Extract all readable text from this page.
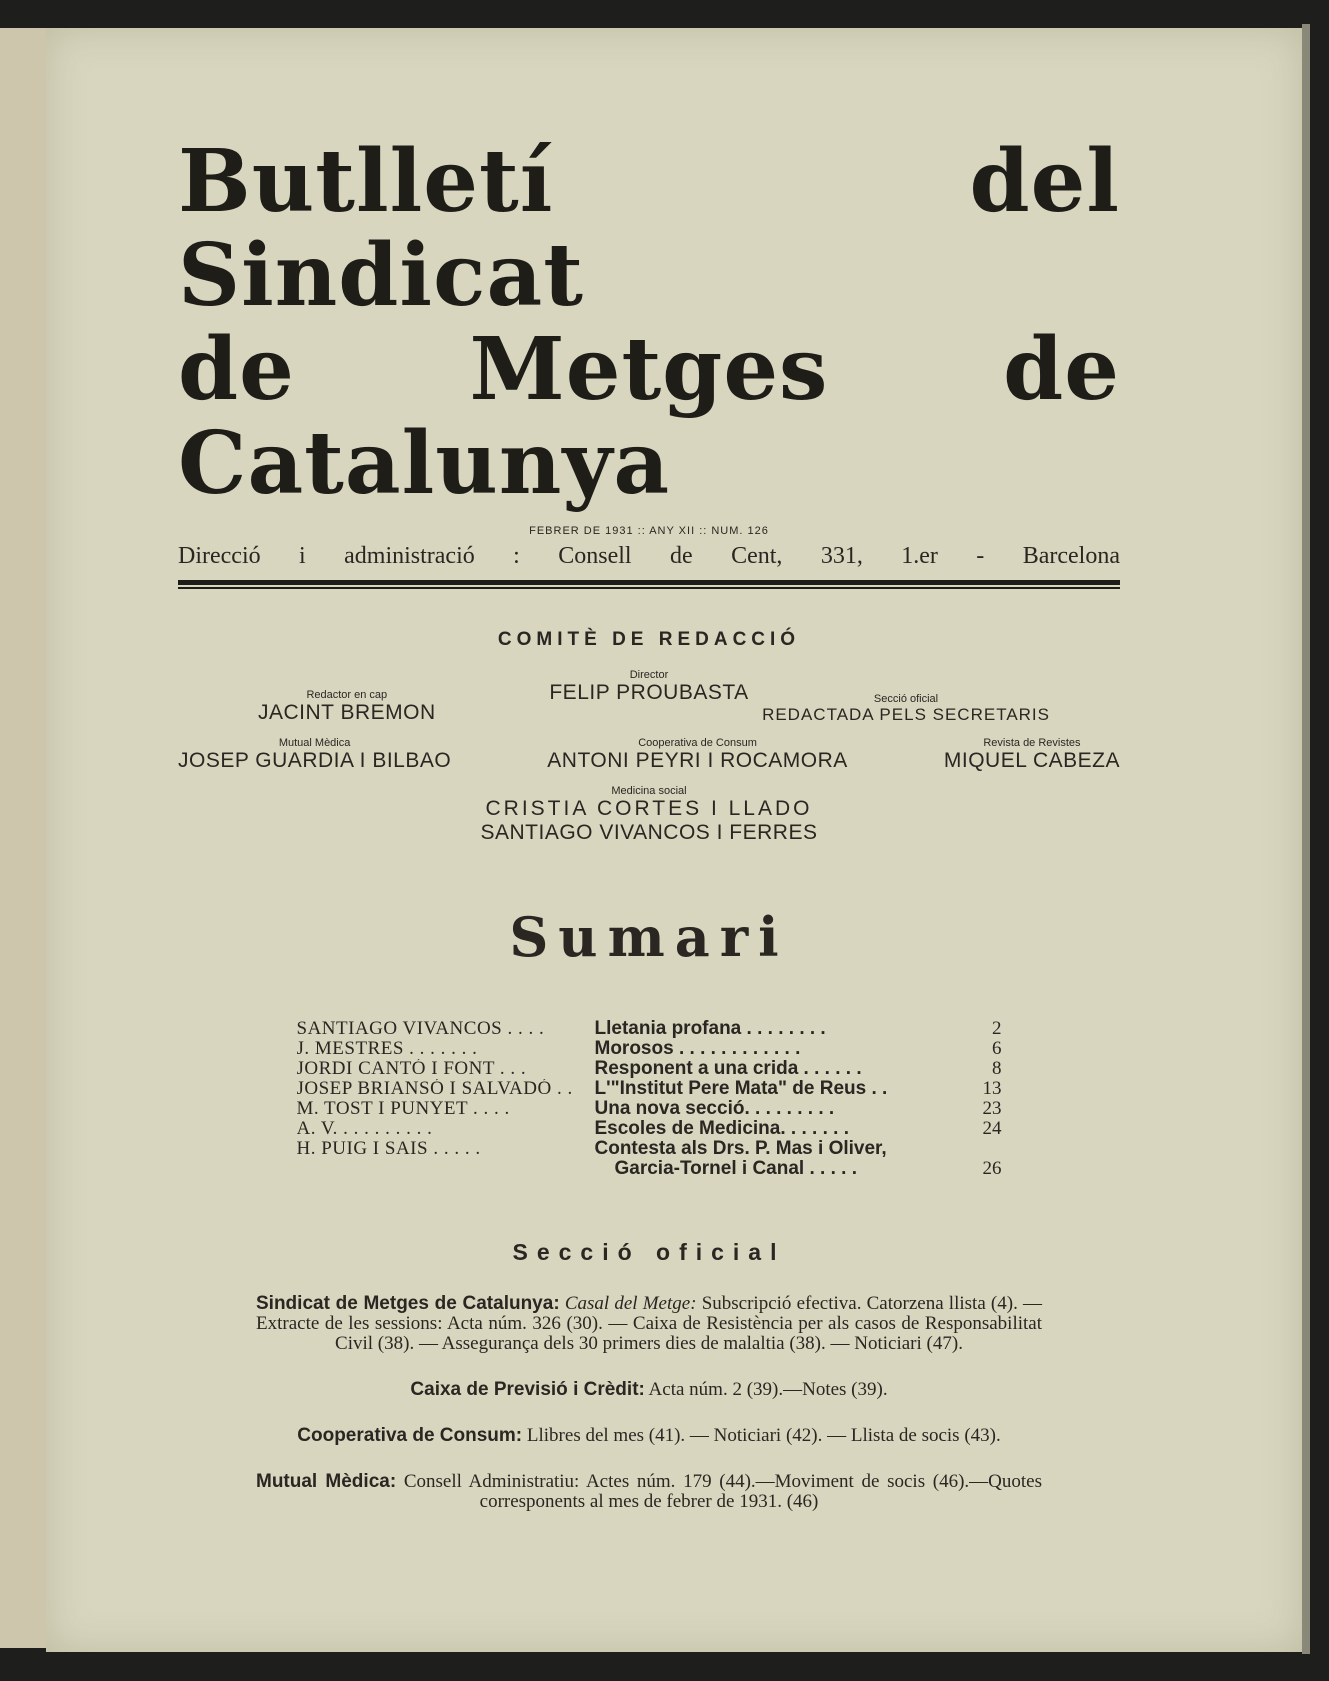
Butlletí del Sindicat
de Metges de Catalunya
FEBRER DE 1931 :: ANY XII :: NUM. 126
Direcció i administració : Consell de Cent, 331, 1.er - Barcelona
COMITÈ DE REDACCIÓ
Director
FELIP PROUBASTA
Redactor en cap
JACINT BREMON
Secció oficial
REDACTADA PELS SECRETARIS
Mutual Mèdica
JOSEP GUARDIA I BILBAO
Cooperativa de Consum
ANTONI PEYRI I ROCAMORA
Revista de Revistes
MIQUEL CABEZA
Medicina social
CRISTIA CORTES I LLADO
SANTIAGO VIVANCOS I FERRES
Sumari
SANTIAGO VIVANCOS . . . .	Lletania profana . . . . . . . .	2
J. MESTRES . . . . . . .	Morosos . . . . . . . . . . . .	6
JORDI CANTÓ I FONT . . .	Responent a una crida . . . . . .	8
JOSEP BRIANSÓ I SALVADÓ . .	L'"Institut Pere Mata" de Reus . .	13
M. TOST I PUNYET . . . .	Una nova secció. . . . . . . . .	23
A. V. . . . . . . . . .	Escoles de Medicina. . . . . . .	24
H. PUIG I SAIS . . . . .	Contesta als Drs. P. Mas i Oliver,
Garcia-Tornel i Canal . . . . .	26
Secció oficial
Sindicat de Metges de Catalunya: Casal del Metge: Subscripció efectiva. Catorzena llista (4). —Extracte de les sessions: Acta núm. 326 (30). — Caixa de Resistència per als casos de Responsabilitat Civil (38). — Assegurança dels 30 primers dies de malaltia (38). — Noticiari (47).
Caixa de Previsió i Crèdit: Acta núm. 2 (39).—Notes (39).
Cooperativa de Consum: Llibres del mes (41). — Noticiari (42). — Llista de socis (43).
Mutual Mèdica: Consell Administratiu: Actes núm. 179 (44).—Moviment de socis (46).—Quotes corresponents al mes de febrer de 1931. (46)
